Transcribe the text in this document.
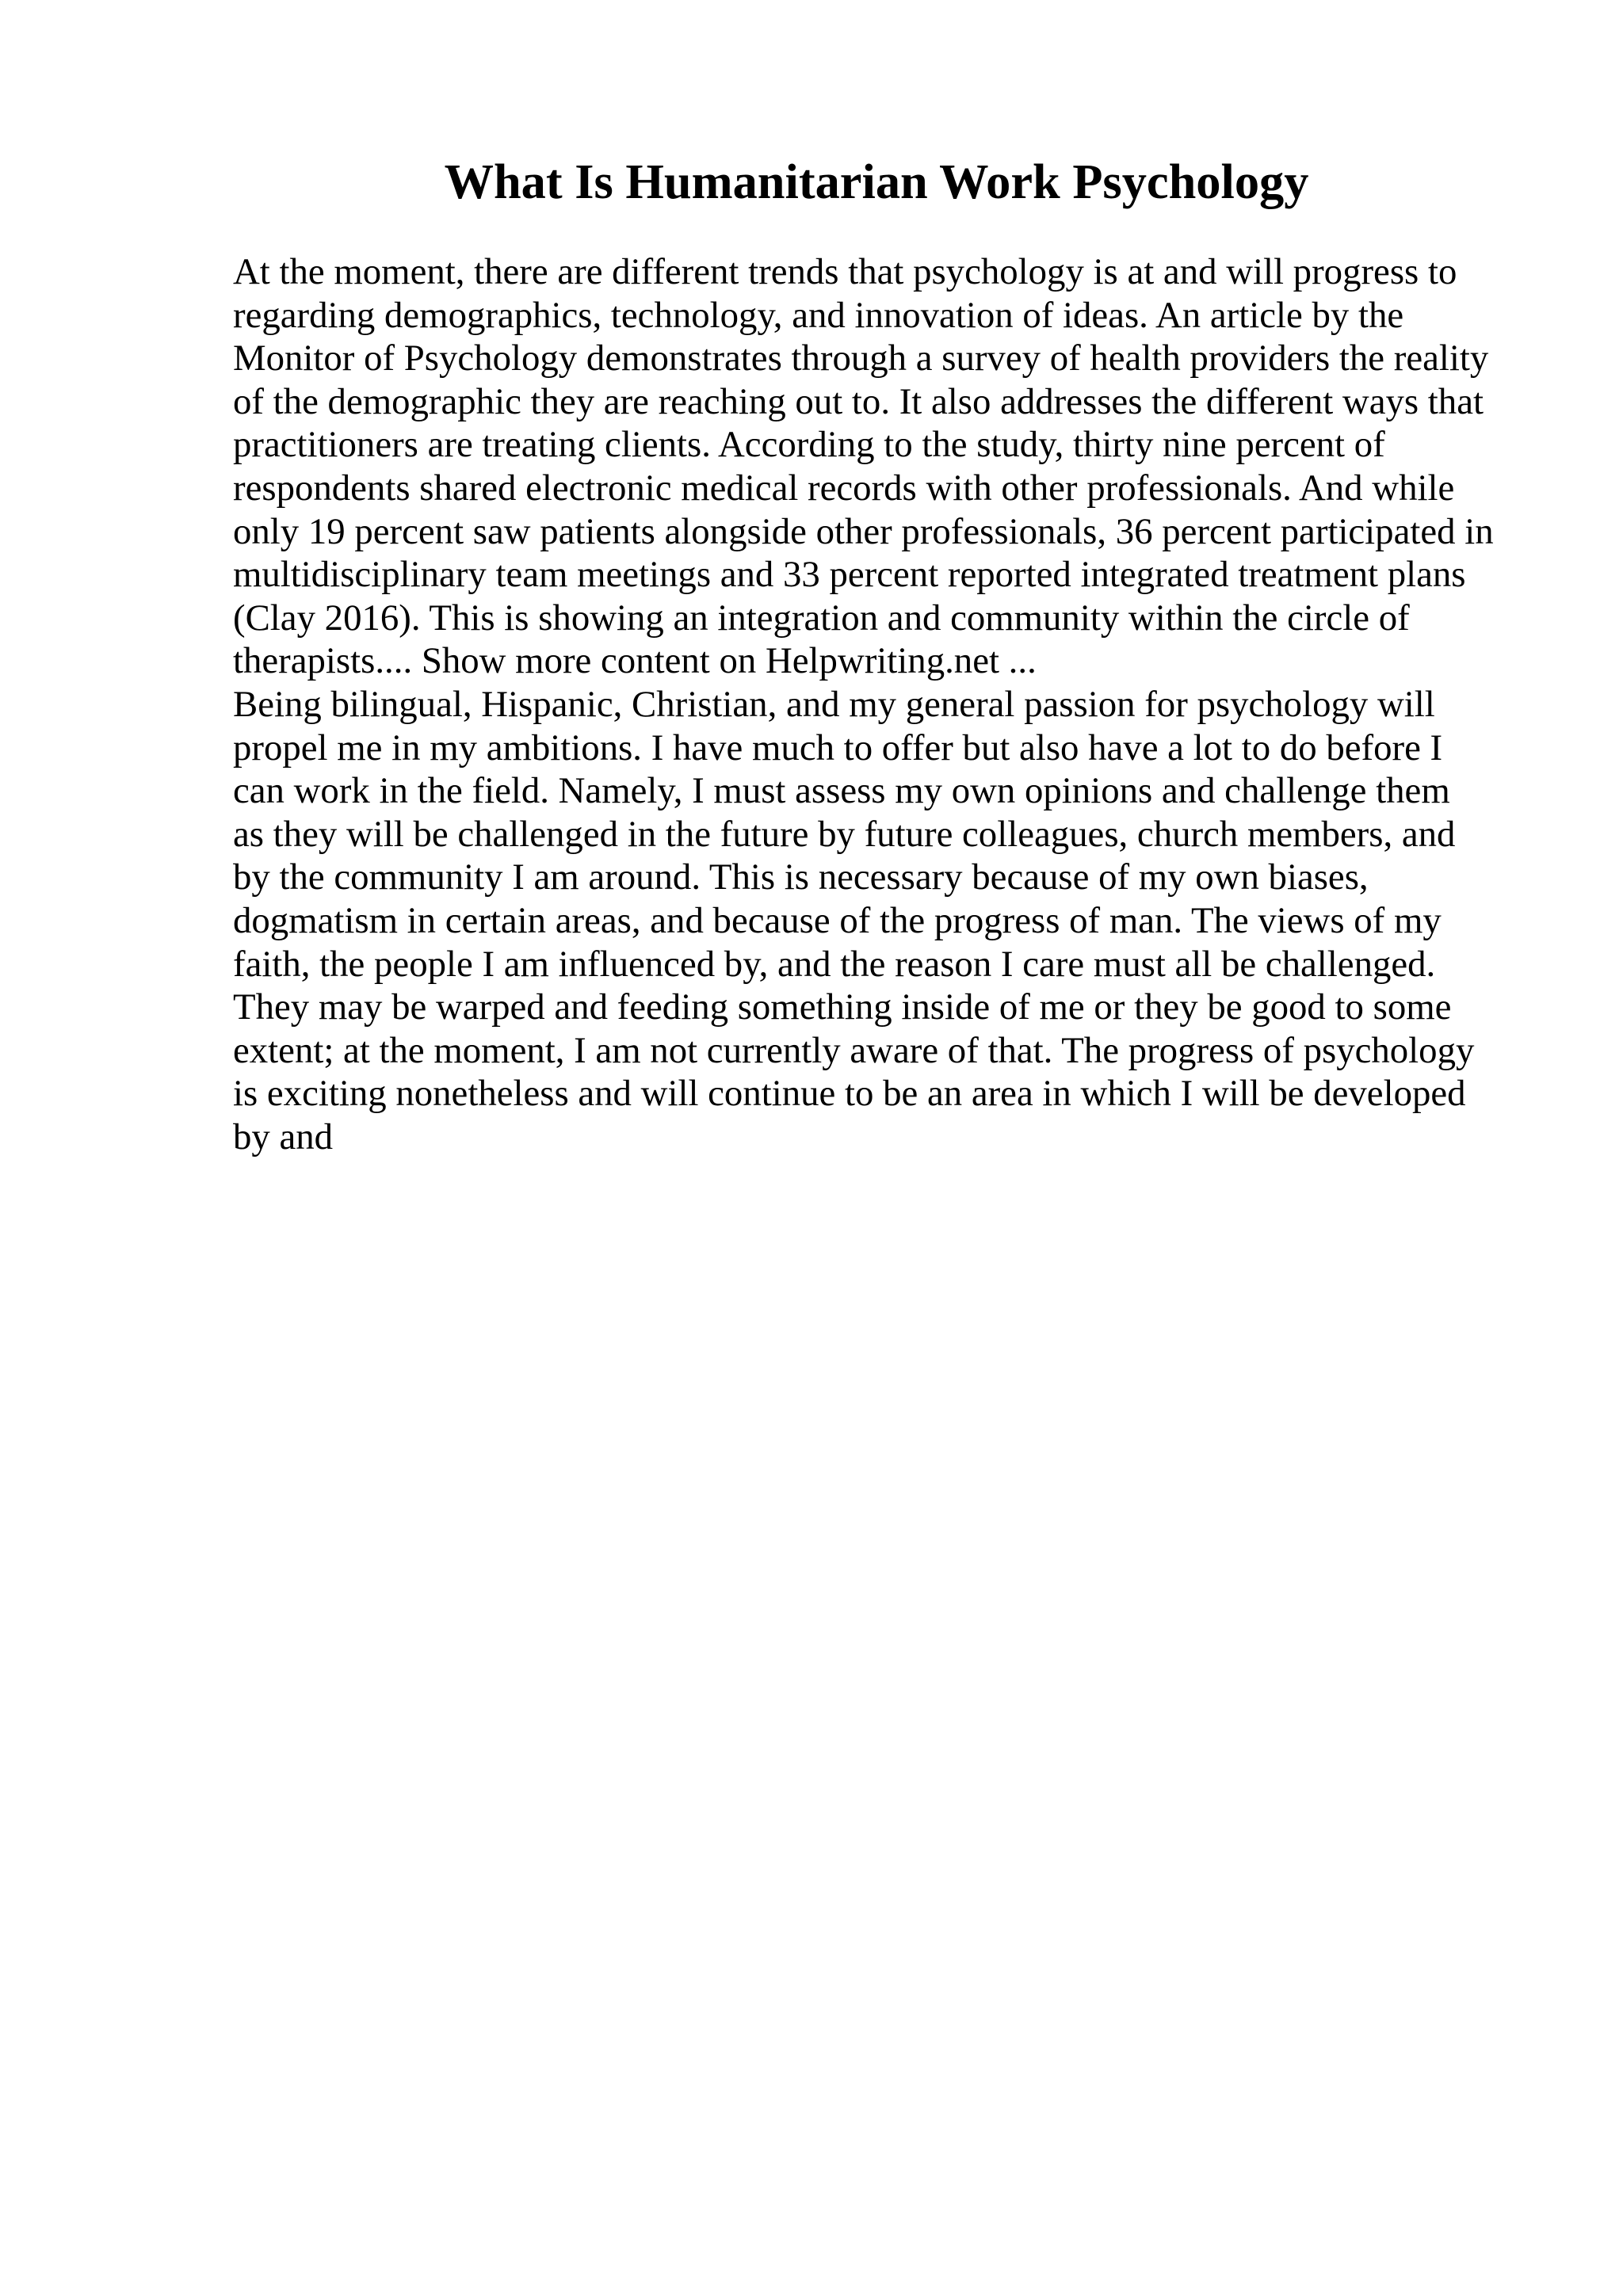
What Is Humanitarian Work Psychology

At the moment, there are different trends that psychology is at and will progress to
regarding demographics, technology, and innovation of ideas. An article by the
Monitor of Psychology demonstrates through a survey of health providers the reality
of the demographic they are reaching out to. It also addresses the different ways that
practitioners are treating clients. According to the study, thirty nine percent of
respondents shared electronic medical records with other professionals. And while
only 19 percent saw patients alongside other professionals, 36 percent participated in
multidisciplinary team meetings and 33 percent reported integrated treatment plans
(Clay 2016). This is showing an integration and community within the circle of
therapists.... Show more content on Helpwriting.net ...

Being bilingual, Hispanic, Christian, and my general passion for psychology will
propel me in my ambitions. I have much to offer but also have a lot to do before I
can work in the field. Namely, I must assess my own opinions and challenge them
as they will be challenged in the future by future colleagues, church members, and
by the community I am around. This is necessary because of my own biases,
dogmatism in certain areas, and because of the progress of man. The views of my
faith, the people I am influenced by, and the reason I care must all be challenged.
They may be warped and feeding something inside of me or they be good to some
extent; at the moment, I am not currently aware of that. The progress of psychology
is exciting nonetheless and will continue to be an area in which I will be developed
by and
